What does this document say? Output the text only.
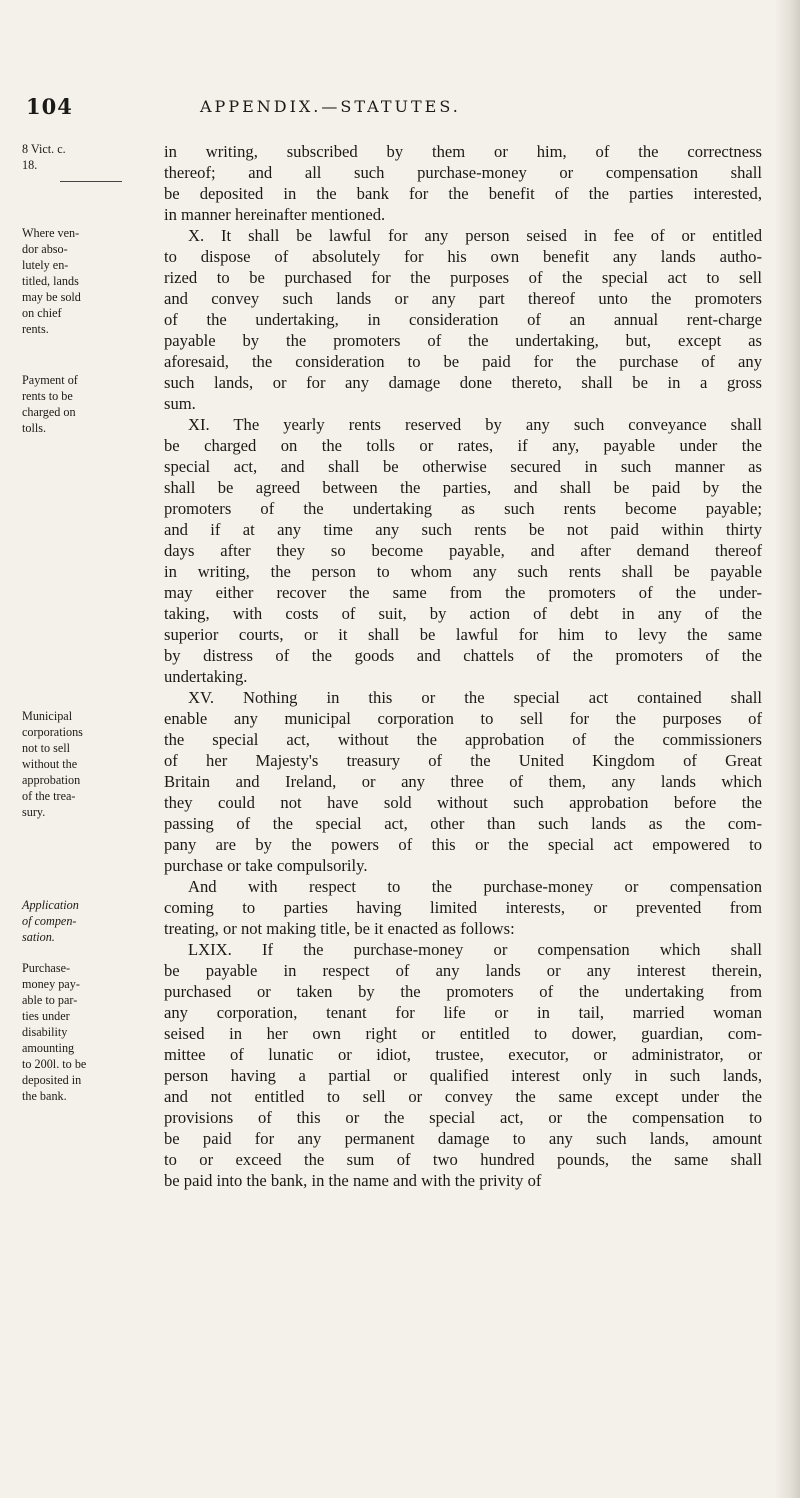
104	APPENDIX.—STATUTES.
8 Vict. c.
18.
Where ven-
dor abso-
lutely en-
titled, lands
may be sold
on chief
rents.
Payment of
rents to be
charged on
tolls.
Municipal
corporations
not to sell
without the
approbation
of the trea-
sury.
Application
of compen-
sation.
Purchase-
money pay-
able to par-
ties under
disability
amounting
to 200l. to be
deposited in
the bank.
in writing, subscribed by them or him, of the correctness
thereof; and all such purchase-money or compensation shall
be deposited in the bank for the benefit of the parties interested,
in manner hereinafter mentioned.
X. It shall be lawful for any person seised in fee of or entitled
to dispose of absolutely for his own benefit any lands autho-
rized to be purchased for the purposes of the special act to sell
and convey such lands or any part thereof unto the promoters
of the undertaking, in consideration of an annual rent-charge
payable by the promoters of the undertaking, but, except as
aforesaid, the consideration to be paid for the purchase of any
such lands, or for any damage done thereto, shall be in a gross
sum.
XI. The yearly rents reserved by any such conveyance shall
be charged on the tolls or rates, if any, payable under the
special act, and shall be otherwise secured in such manner as
shall be agreed between the parties, and shall be paid by the
promoters of the undertaking as such rents become payable;
and if at any time any such rents be not paid within thirty
days after they so become payable, and after demand thereof
in writing, the person to whom any such rents shall be payable
may either recover the same from the promoters of the under-
taking, with costs of suit, by action of debt in any of the
superior courts, or it shall be lawful for him to levy the same
by distress of the goods and chattels of the promoters of the
undertaking.
XV. Nothing in this or the special act contained shall
enable any municipal corporation to sell for the purposes of
the special act, without the approbation of the commissioners
of her Majesty's treasury of the United Kingdom of Great
Britain and Ireland, or any three of them, any lands which
they could not have sold without such approbation before the
passing of the special act, other than such lands as the com-
pany are by the powers of this or the special act empowered to
purchase or take compulsorily.
And with respect to the purchase-money or compensation
coming to parties having limited interests, or prevented from
treating, or not making title, be it enacted as follows:
LXIX. If the purchase-money or compensation which shall
be payable in respect of any lands or any interest therein,
purchased or taken by the promoters of the undertaking from
any corporation, tenant for life or in tail, married woman
seised in her own right or entitled to dower, guardian, com-
mittee of lunatic or idiot, trustee, executor, or administrator, or
person having a partial or qualified interest only in such lands,
and not entitled to sell or convey the same except under the
provisions of this or the special act, or the compensation to
be paid for any permanent damage to any such lands, amount
to or exceed the sum of two hundred pounds, the same shall
be paid into the bank, in the name and with the privity of
